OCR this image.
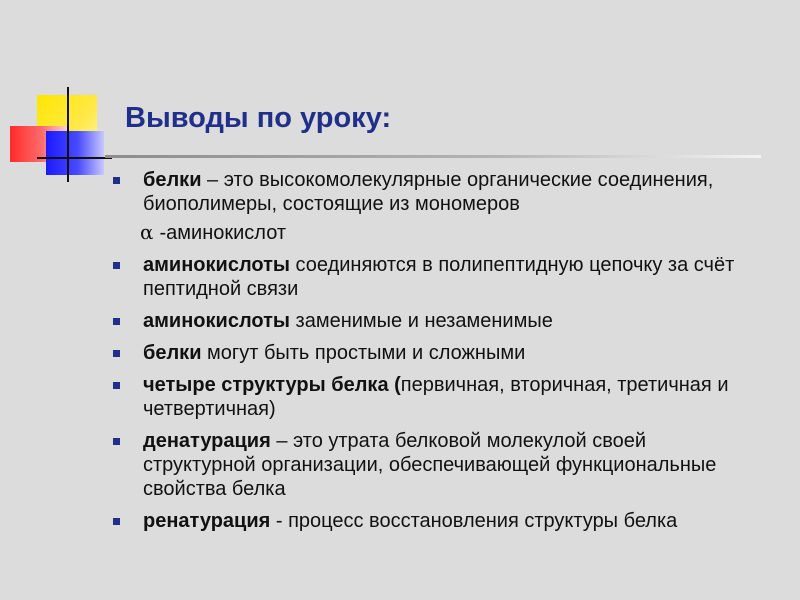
Выводы по уроку:
белки – это высокомолекулярные органические соединения, биополимеры, состоящие из мономеров
α -аминокислот
аминокислоты соединяются в полипептидную цепочку за счёт пептидной связи
аминокислоты заменимые и незаменимые
белки могут быть простыми и сложными
четыре структуры белка (первичная, вторичная, третичная и четвертичная)
денатурация – это утрата белковой молекулой своей структурной организации, обеспечивающей функциональные свойства белка
ренатурация - процесс восстановления структуры белка
